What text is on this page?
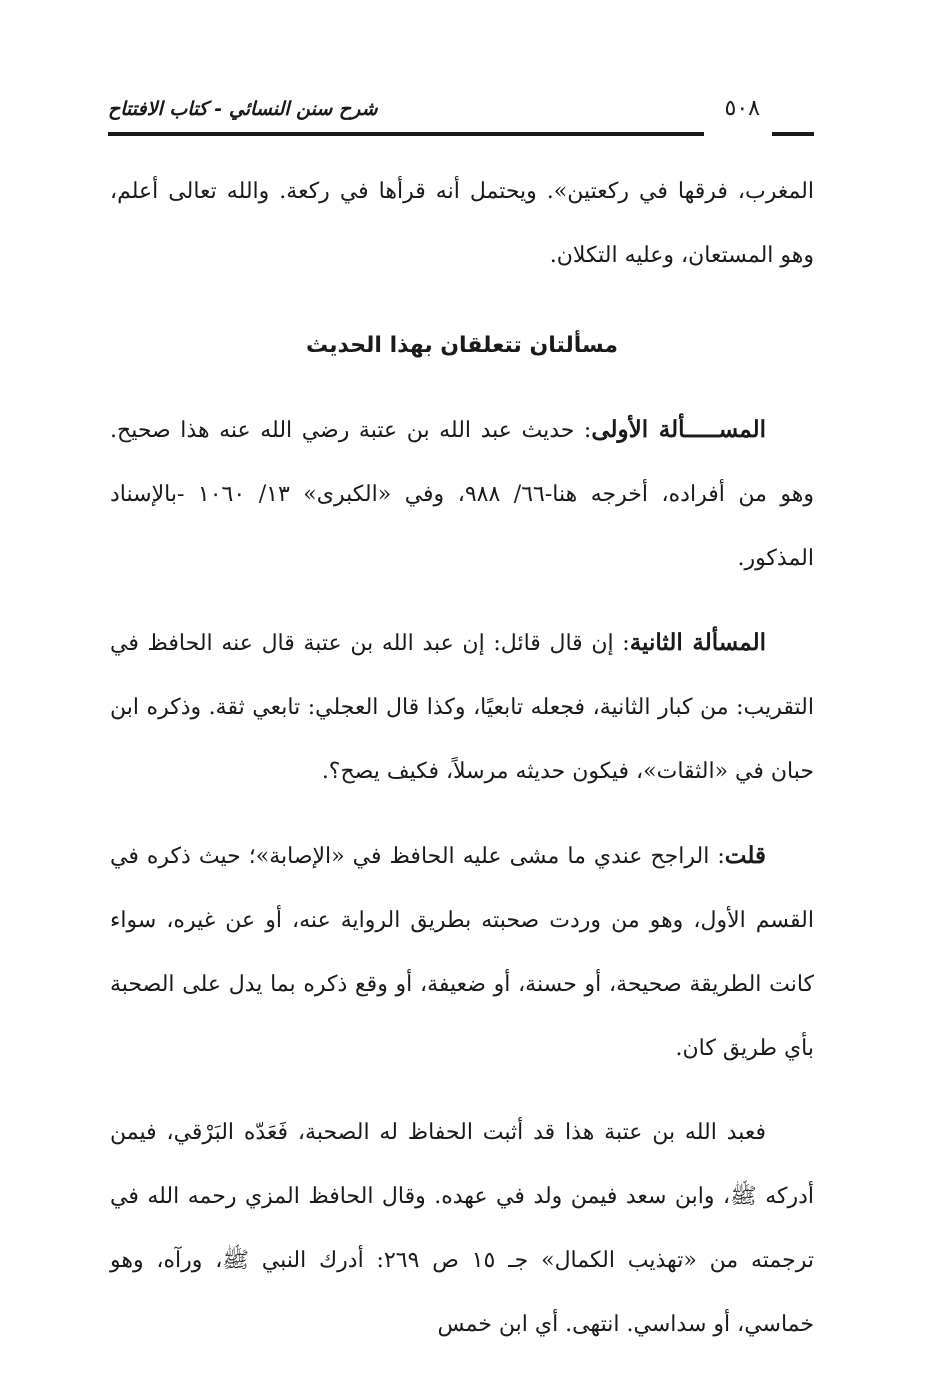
شرح سنن النسائي - كتاب الافتتاح	٥٠٨

المغرب، فرقها في ركعتين». ويحتمل أنه قرأها في ركعة. والله تعالى أعلم، وهو المستعان، وعليه التكلان.

مسألتان تتعلقان بهذا الحديث

المســـــألة الأولى: حديث عبد الله بن عتبة رضي الله عنه هذا صحيح. وهو من أفراده، أخرجه هنا-٦٦/ ٩٨٨، وفي «الكبرى» ١٣/ ١٠٦٠ -بالإسناد المذكور.

المسألة الثانية: إن قال قائل: إن عبد الله بن عتبة قال عنه الحافظ في التقريب: من كبار الثانية، فجعله تابعيًا، وكذا قال العجلي: تابعي ثقة. وذكره ابن حبان في «الثقات»، فيكون حديثه مرسلاً، فكيف يصح؟.

قلت: الراجح عندي ما مشى عليه الحافظ في «الإصابة»؛ حيث ذكره في القسم الأول، وهو من وردت صحبته بطريق الرواية عنه، أو عن غيره، سواء كانت الطريقة صحيحة، أو حسنة، أو ضعيفة، أو وقع ذكره بما يدل على الصحبة بأي طريق كان.

فعبد الله بن عتبة هذا قد أثبت الحفاظ له الصحبة، فَعَدّه البَرْقي، فيمن أدركه ﷺ، وابن سعد فيمن ولد في عهده. وقال الحافظ المزي رحمه الله في ترجمته من «تهذيب الكمال» جـ ١٥ ص ٢٦٩: أدرك النبي ﷺ، ورآه، وهو خماسي، أو سداسي. انتهى. أي ابن خمس
